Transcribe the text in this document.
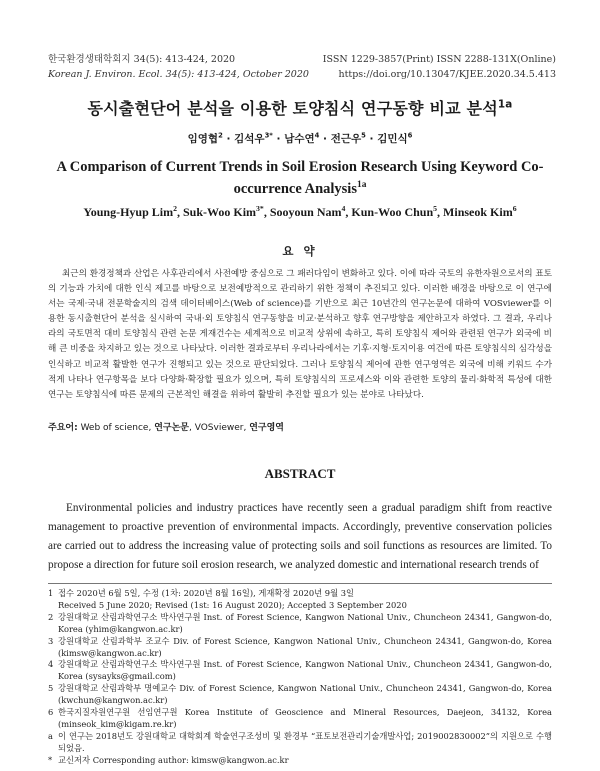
한국환경생태학회지 34(5): 413-424, 2020
Korean J. Environ. Ecol. 34(5): 413-424, October 2020
ISSN 1229-3857(Print) ISSN 2288-131X(Online)
https://doi.org/10.13047/KJEE.2020.34.5.413
동시출현단어 분석을 이용한 토양침식 연구동향 비교 분석$^{1a}$
임영협$^2$ · 김석우$^{3*}$ · 남수연$^4$ · 전근우$^5$ · 김민식$^6$
A Comparison of Current Trends in Soil Erosion Research Using Keyword Co-occurrence Analysis$^{1a}$
Young-Hyup Lim$^2$, Suk-Woo Kim$^{3*}$, Sooyoun Nam$^4$, Kun-Woo Chun$^5$, Minseok Kim$^6$
요 약
최근의 환경정책과 산업은 사후관리에서 사전예방 중심으로 그 패러다임이 변화하고 있다. 이에 따라 국토의 유한자원으로서의 표토의 기능과 가치에 대한 인식 제고를 바탕으로 보전예방적으로 관리하기 위한 정책이 추진되고 있다. 이러한 배경을 바탕으로 이 연구에서는 국제·국내 전문학술지의 검색 데이터베이스(Web of science)를 기반으로 최근 10년간의 연구논문에 대하여 VOSviewer를 이용한 동시출현단어 분석을 실시하여 국내·외 토양침식 연구동향을 비교·분석하고 향후 연구방향을 제안하고자 하였다. 그 결과, 우리나라의 국토면적 대비 토양침식 관련 논문 게재건수는 세계적으로 비교적 상위에 속하고, 특히 토양침식 제어와 관련된 연구가 외국에 비해 큰 비중을 차지하고 있는 것으로 나타났다. 이러한 결과로부터 우리나라에서는 기후·지형·토지이용 여건에 따른 토양침식의 심각성을 인식하고 비교적 활발한 연구가 진행되고 있는 것으로 판단되었다. 그러나 토양침식 제어에 관한 연구영역은 외국에 비해 키워드 수가 적게 나타나 연구항목을 보다 다양화·확장할 필요가 있으며, 특히 토양침식의 프로세스와 이와 관련한 토양의 물리·화학적 특성에 대한 연구는 토양침식에 따른 문제의 근본적인 해결을 위하여 활발히 추진할 필요가 있는 분야로 나타났다.
주요어: Web of science, 연구논문, VOSviewer, 연구영역
ABSTRACT
Environmental policies and industry practices have recently seen a gradual paradigm shift from reactive management to proactive prevention of environmental impacts. Accordingly, preventive conservation policies are carried out to address the increasing value of protecting soils and soil functions as resources are limited. To propose a direction for future soil erosion research, we analyzed domestic and international research trends of
1 접수 2020년 6월 5일, 수정 (1차: 2020년 8월 16일), 게재확정 2020년 9월 3일
Received 5 June 2020; Revised (1st: 16 August 2020); Accepted 3 September 2020
2 강원대학교 산림과학연구소 박사연구원 Inst. of Forest Science, Kangwon National Univ., Chuncheon 24341, Gangwon-do, Korea (yhim@kangwon.ac.kr)
3 강원대학교 산림과학부 조교수 Div. of Forest Science, Kangwon National Univ., Chuncheon 24341, Gangwon-do, Korea (kimsw@kangwon.ac.kr)
4 강원대학교 산림과학연구소 박사연구원 Inst. of Forest Science, Kangwon National Univ., Chuncheon 24341, Gangwon-do, Korea (sysayks@gmail.com)
5 강원대학교 산림과학부 명예교수 Div. of Forest Science, Kangwon National Univ., Chuncheon 24341, Gangwon-do, Korea (kwchun@kangwon.ac.kr)
6 한국지질자원연구원 선임연구원 Korea Institute of Geoscience and Mineral Resources, Daejeon, 34132, Korea (minseok_kim@kigam.re.kr)
a 이 연구는 2018년도 강원대학교 대학회계 학술연구조성비 및 환경부 “표토보전관리기술개발사업; 2019002830002”의 지원으로 수행되었음.
* 교신저자 Corresponding author: kimsw@kangwon.ac.kr
